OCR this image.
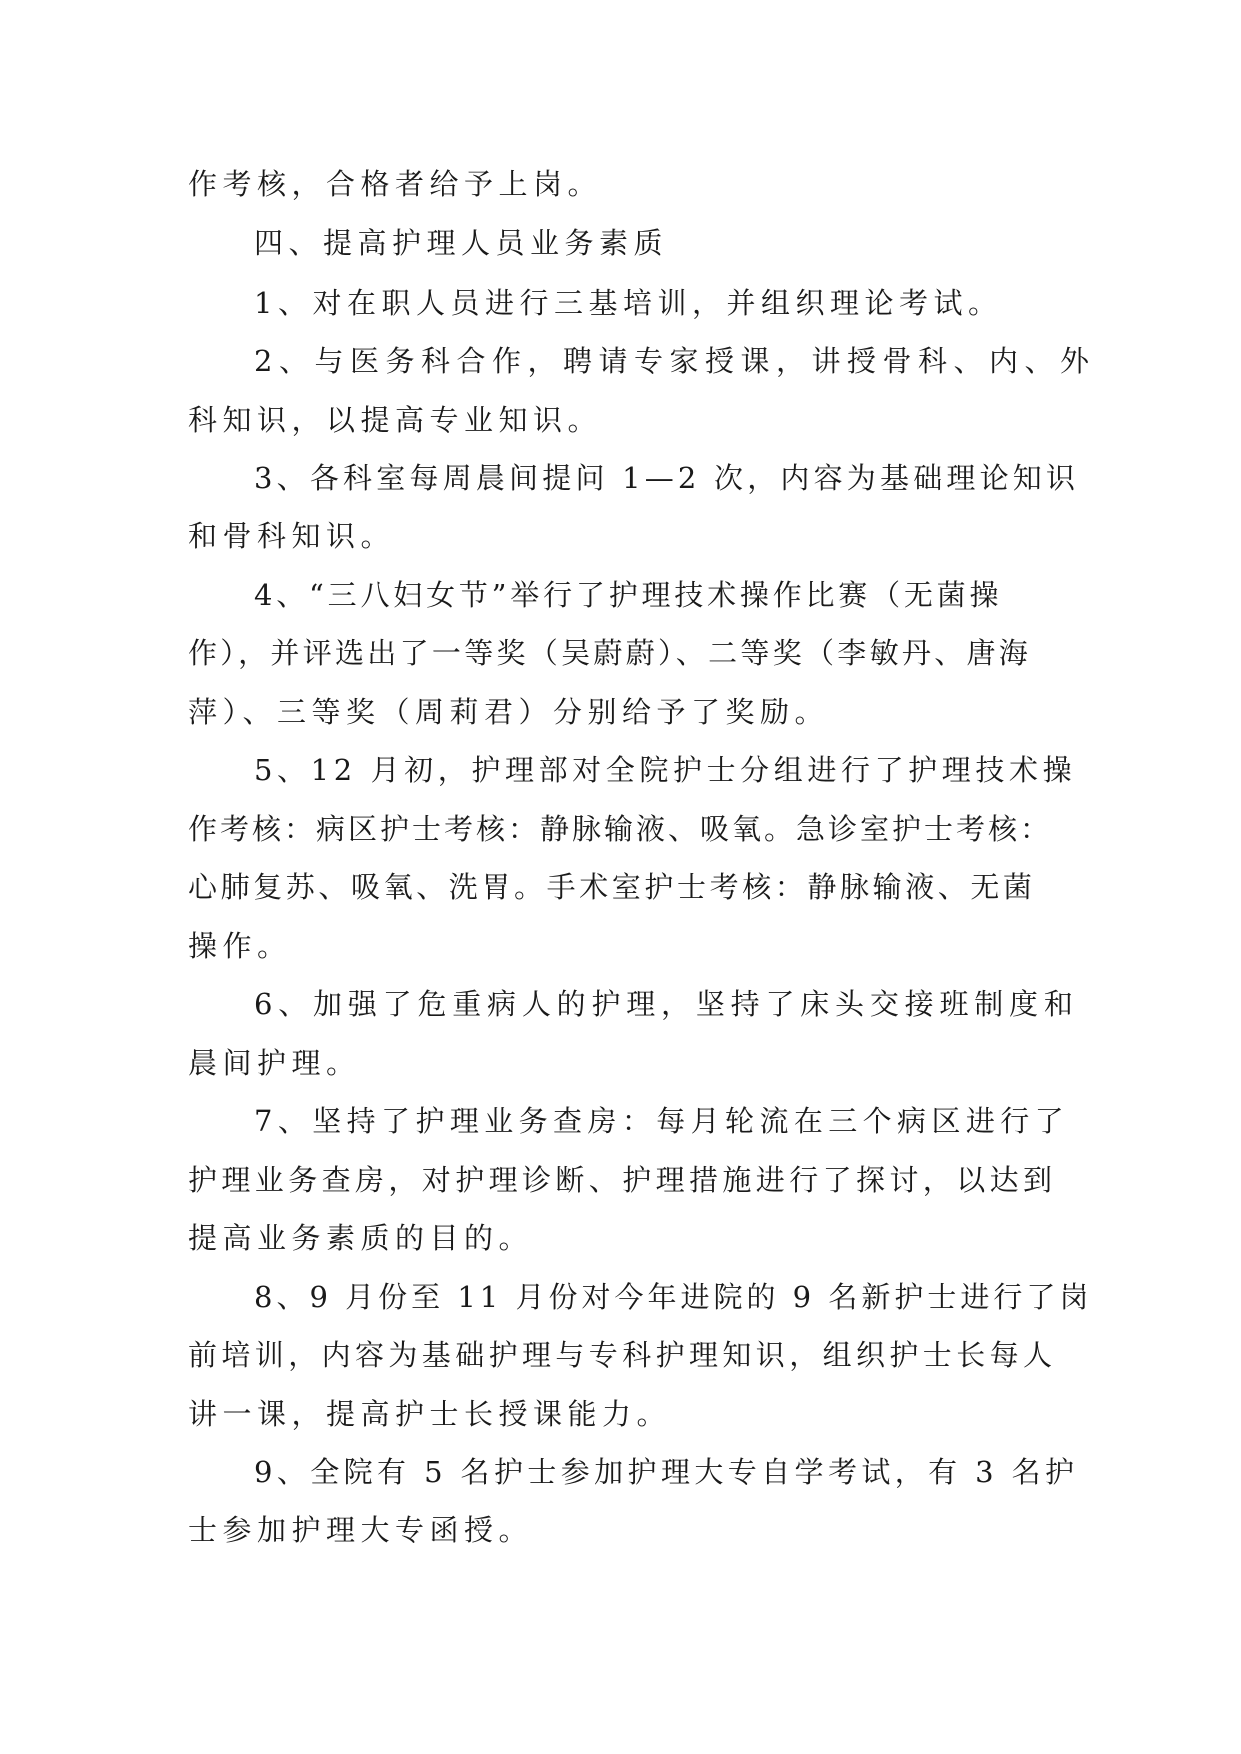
作考核，合格者给予上岗。
四、提高护理人员业务素质
1、对在职人员进行三基培训，并组织理论考试。
2、与医务科合作，聘请专家授课，讲授骨科、内、外
科知识，以提高专业知识。
3、各科室每周晨间提问 1—2 次，内容为基础理论知识
和骨科知识。
4、“三八妇女节”举行了护理技术操作比赛（无菌操
作），并评选出了一等奖（吴蔚蔚）、二等奖（李敏丹、唐海
萍）、三等奖（周莉君）分别给予了奖励。
5、12 月初，护理部对全院护士分组进行了护理技术操
作考核：病区护士考核：静脉输液、吸氧。急诊室护士考核：
心肺复苏、吸氧、洗胃。手术室护士考核：静脉输液、无菌
操作。
6、加强了危重病人的护理，坚持了床头交接班制度和
晨间护理。
7、坚持了护理业务查房：每月轮流在三个病区进行了
护理业务查房，对护理诊断、护理措施进行了探讨，以达到
提高业务素质的目的。
8、9 月份至 11 月份对今年进院的 9 名新护士进行了岗
前培训，内容为基础护理与专科护理知识，组织护士长每人
讲一课，提高护士长授课能力。
9、全院有 5 名护士参加护理大专自学考试，有 3 名护
士参加护理大专函授。
